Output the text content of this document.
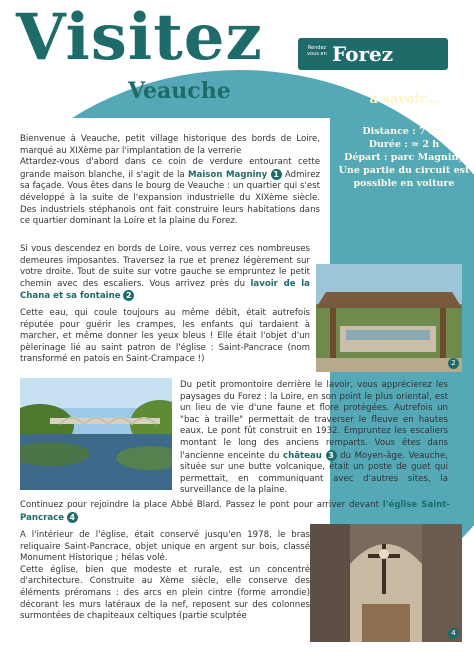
Visitez
Veauche
Rendez vous en Forez
à savoir...

Distance : 7 km

Durée : ≃ 2 h

Départ : parc Magniny

Une partie du circuit est possible en voiture

Bienvenue à Veauche, petit village historique des bords de Loire, marqué au XIXème par l'implantation de la verrerie
Attardez-vous d'abord dans ce coin de verdure entourant cette grande maison blanche, il s'agit de la Maison Magniny 1 Admirez sa façade. Vous êtes dans le bourg de Veauche : un quartier qui s'est développé à la suite de l'expansion industrielle du XIXème siècle. Des industriels stéphanois ont fait construire leurs habitations dans ce quartier dominant la Loire et la plaine du Forez.
Si vous descendez en bords de Loire, vous verrez ces nombreuses demeures imposantes. Traversez la rue et prenez légèrement sur votre droite. Tout de suite sur votre gauche se empruntez le petit chemin avec des escaliers. Vous arrivez près du lavoir de la Chana et sa fontaine 2
Cette eau, qui coule toujours au même débit, était autrefois réputée pour guérir les crampes, les enfants qui tardaient à marcher, et même donner les yeux bleus ! Elle était l'objet d'un pèlerinage lié au saint patron de l'église : Saint-Pancrace (nom transformé en patois en Saint-Crampace !)	2
Du petit promontoire derrière le lavoir, vous apprécierez les paysages du Forez : la Loire, en son point le plus oriental, est un lieu de vie d'une faune et flore protégées. Autrefois un "bac à traille" permettait de traverser le fleuve en hautes eaux. Le pont fût construit en 1932. Empruntez les escaliers montant le long des anciens remparts. Vous êtes dans l'ancienne enceinte du château 3 du Moyen-âge. Veauche, située sur une butte volcanique, était un poste de guet qui permettait, en communiquant avec d'autres sites, la surveillance de la plaine.
Continuez pour rejoindre la place Abbé Blard. Passez le pont pour arriver devant l'église Saint-Pancrace 4
A l'intérieur de l'église, était conservé jusqu'en 1978, le bras reliquaire Saint-Pancrace, objet unique en argent sur bois, classé Monument Historique ; hélas volé.
Cette église, bien que modeste et rurale, est un concentré d'architecture. Construite au Xème siècle, elle conserve des éléments préromans : des arcs en plein cintre (forme arrondie) décorant les murs latéraux de la nef, reposent sur des colonnes surmontées de chapiteaux celtiques (partie sculptée
4
